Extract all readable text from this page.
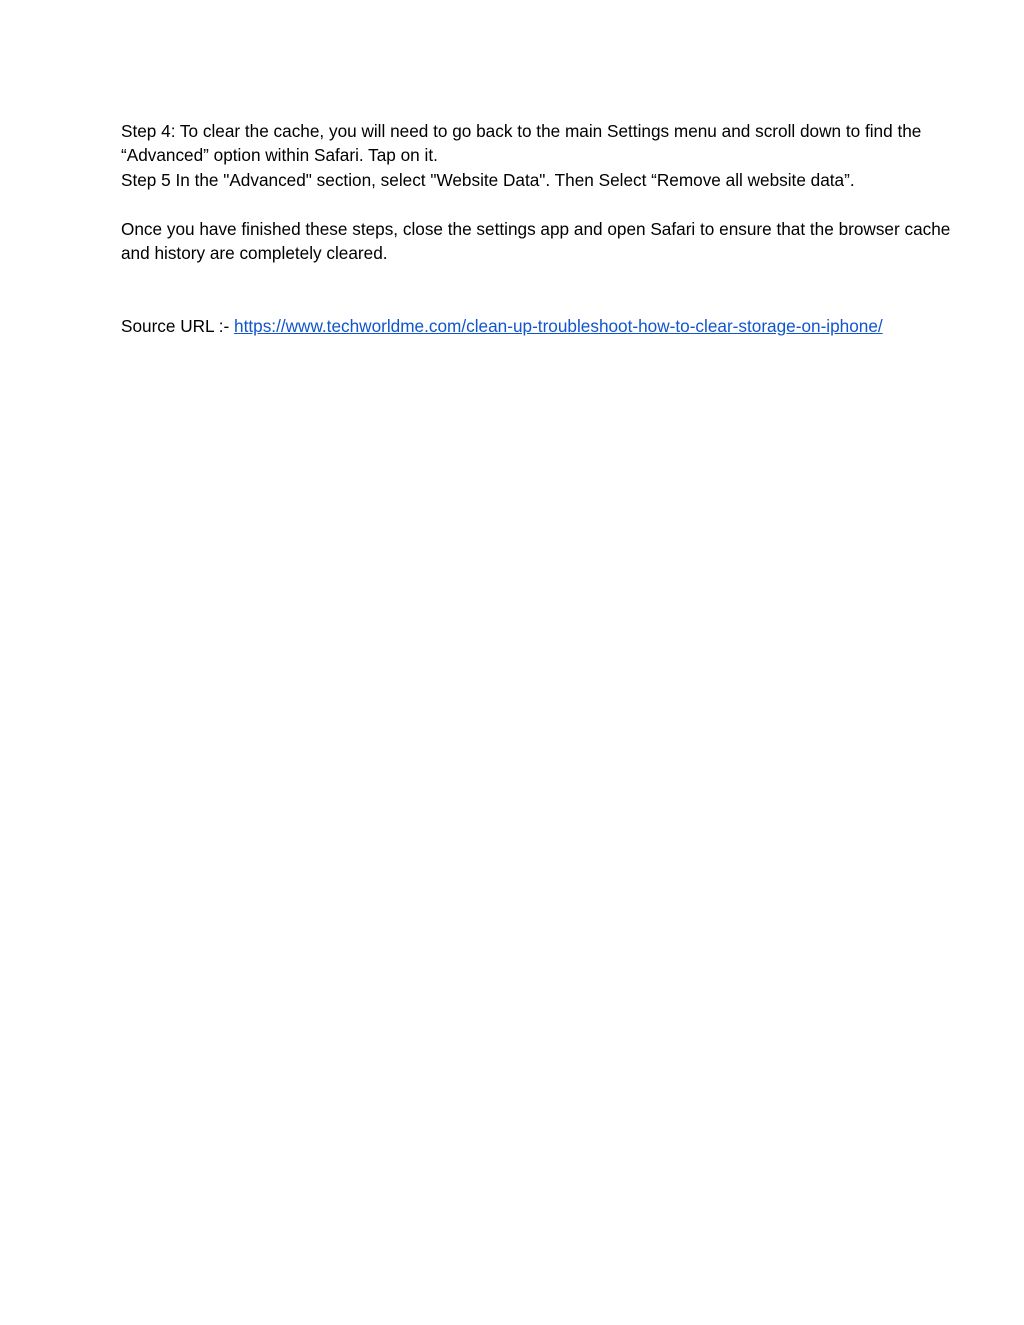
Step 4: To clear the cache, you will need to go back to the main Settings menu and scroll down to find the “Advanced” option within Safari. Tap on it.

Step 5 In the "Advanced" section, select "Website Data". Then Select “Remove all website data”.

Once you have finished these steps, close the settings app and open Safari to ensure that the browser cache and history are completely cleared.

Source URL :- https://www.techworldme.com/clean-up-troubleshoot-how-to-clear-storage-on-iphone/
